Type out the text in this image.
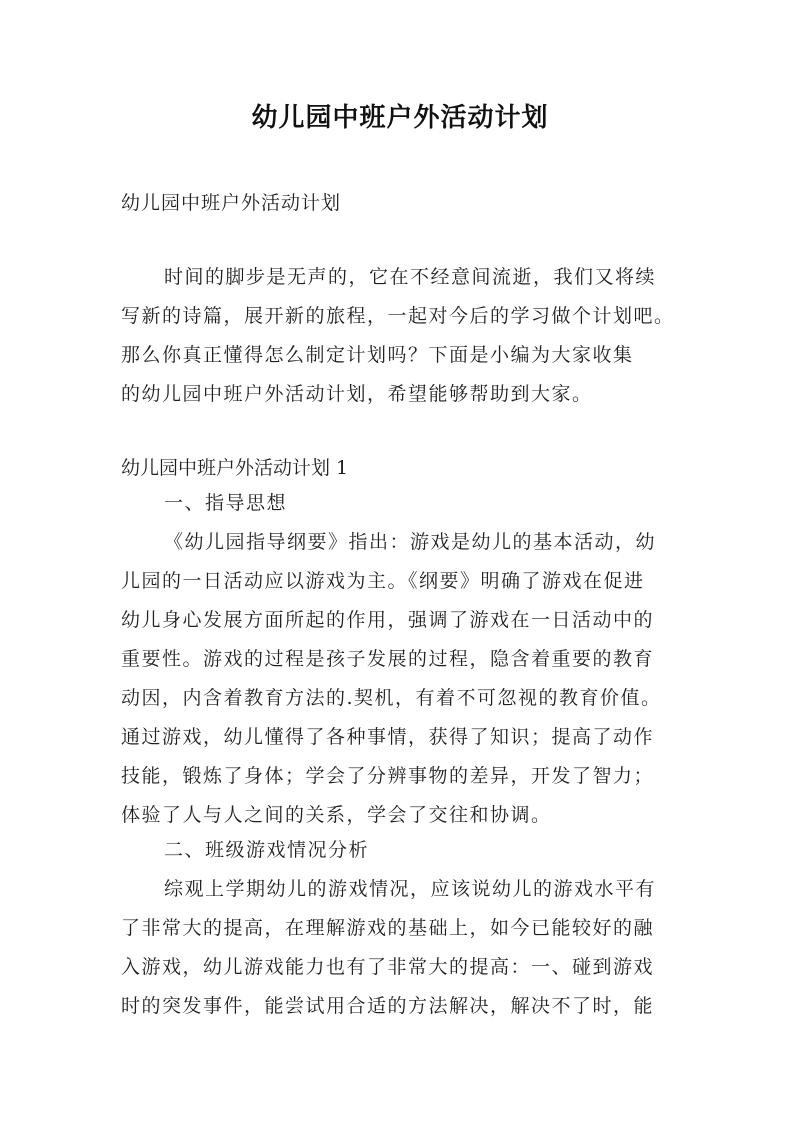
幼儿园中班户外活动计划

幼儿园中班户外活动计划

时间的脚步是无声的，它在不经意间流逝，我们又将续

写新的诗篇，展开新的旅程，一起对今后的学习做个计划吧。

那么你真正懂得怎么制定计划吗？下面是小编为大家收集

的幼儿园中班户外活动计划，希望能够帮助到大家。

幼儿园中班户外活动计划 1

一、指导思想

《幼儿园指导纲要》指出：游戏是幼儿的基本活动，幼

儿园的一日活动应以游戏为主。《纲要》明确了游戏在促进

幼儿身心发展方面所起的作用，强调了游戏在一日活动中的

重要性。游戏的过程是孩子发展的过程，隐含着重要的教育

动因，内含着教育方法的.契机，有着不可忽视的教育价值。

通过游戏，幼儿懂得了各种事情，获得了知识；提高了动作

技能，锻炼了身体；学会了分辨事物的差异，开发了智力；

体验了人与人之间的关系，学会了交往和协调。

二、班级游戏情况分析

综观上学期幼儿的游戏情况，应该说幼儿的游戏水平有

了非常大的提高，在理解游戏的基础上，如今已能较好的融

入游戏，幼儿游戏能力也有了非常大的提高：一、碰到游戏

时的突发事件，能尝试用合适的方法解决，解决不了时，能
